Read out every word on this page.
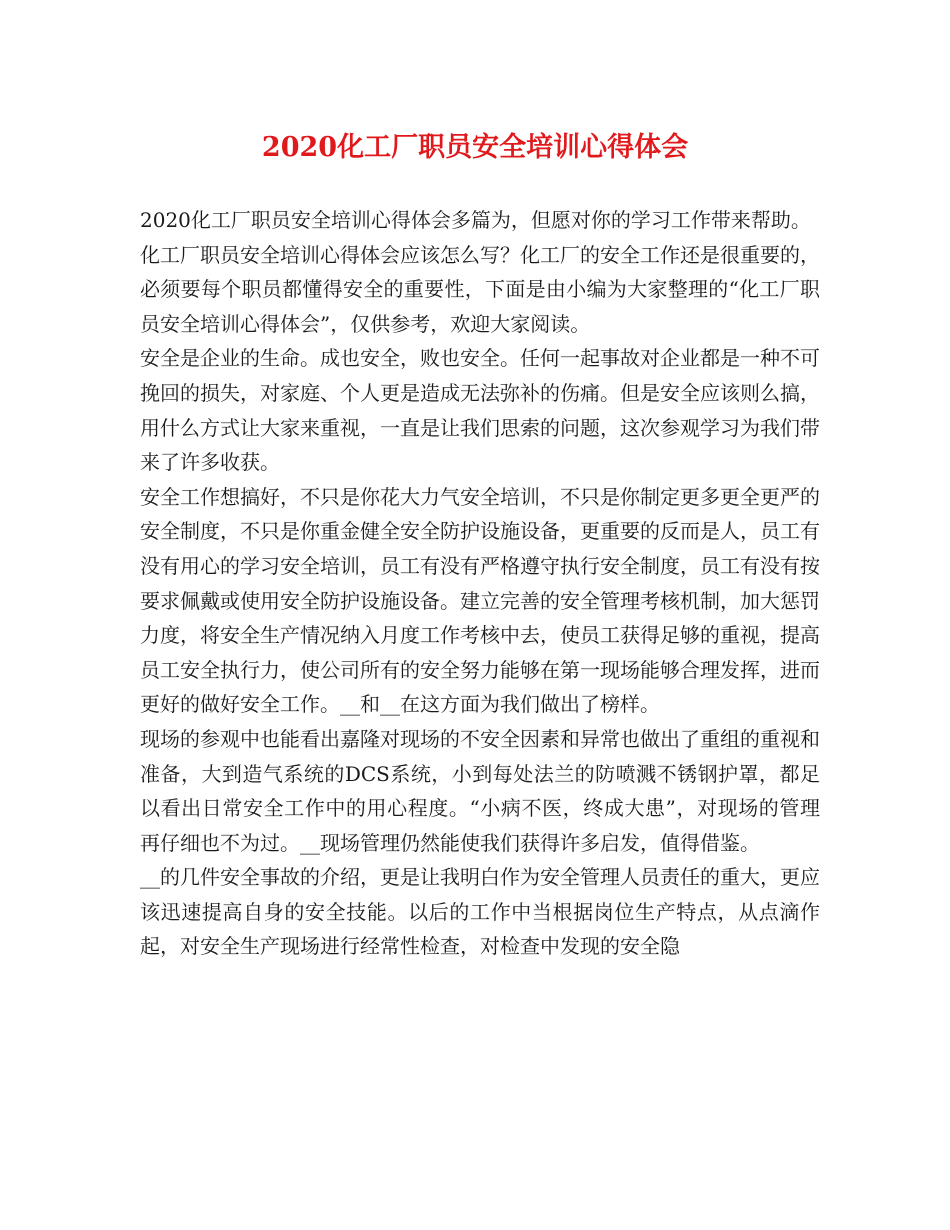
2020化工厂职员安全培训心得体会

2020化工厂职员安全培训心得体会多篇为，但愿对你的学习工作带来帮助。

化工厂职员安全培训心得体会应该怎么写？化工厂的安全工作还是很重要的，必须要每个职员都懂得安全的重要性，下面是由小编为大家整理的“化工厂职员安全培训心得体会”，仅供参考，欢迎大家阅读。

安全是企业的生命。成也安全，败也安全。任何一起事故对企业都是一种不可挽回的损失，对家庭、个人更是造成无法弥补的伤痛。但是安全应该则么搞，用什么方式让大家来重视，一直是让我们思索的问题，这次参观学习为我们带来了许多收获。

安全工作想搞好，不只是你花大力气安全培训，不只是你制定更多更全更严的安全制度，不只是你重金健全安全防护设施设备，更重要的反而是人，员工有没有用心的学习安全培训，员工有没有严格遵守执行安全制度，员工有没有按要求佩戴或使用安全防护设施设备。建立完善的安全管理考核机制，加大惩罚力度，将安全生产情况纳入月度工作考核中去，使员工获得足够的重视，提高员工安全执行力，使公司所有的安全努力能够在第一现场能够合理发挥，进而更好的做好安全工作。__和__在这方面为我们做出了榜样。

现场的参观中也能看出嘉隆对现场的不安全因素和异常也做出了重组的重视和准备，大到造气系统的DCS系统，小到每处法兰的防喷溅不锈钢护罩，都足以看出日常安全工作中的用心程度。“小病不医，终成大患”，对现场的管理再仔细也不为过。__现场管理仍然能使我们获得许多启发，值得借鉴。

__的几件安全事故的介绍，更是让我明白作为安全管理人员责任的重大，更应该迅速提高自身的安全技能。以后的工作中当根据岗位生产特点，从点滴作起，对安全生产现场进行经常性检查，对检查中发现的安全隐
